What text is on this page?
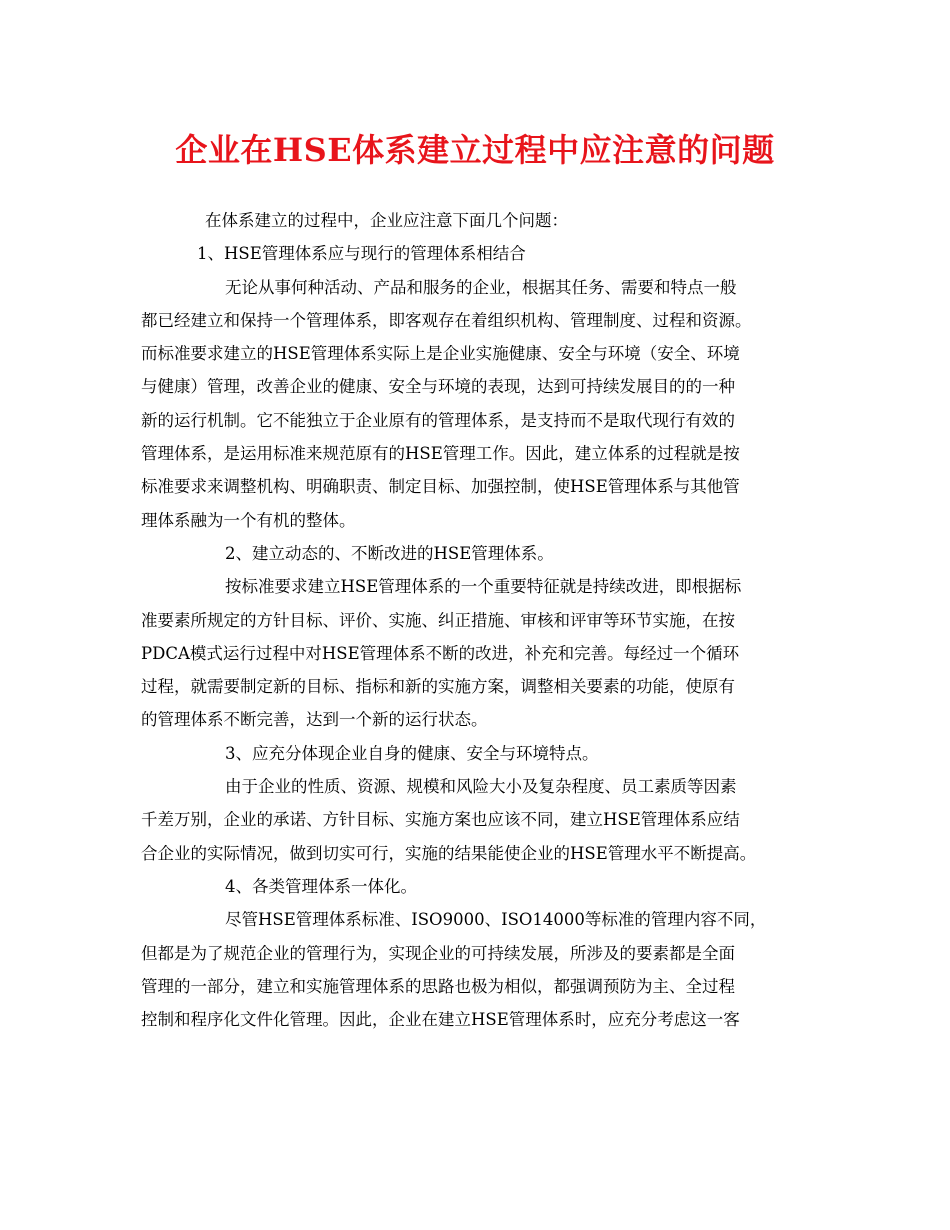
企业在HSE体系建立过程中应注意的问题
在体系建立的过程中，企业应注意下面几个问题：
1、HSE管理体系应与现行的管理体系相结合
无论从事何种活动、产品和服务的企业，根据其任务、需要和特点一般
都已经建立和保持一个管理体系，即客观存在着组织机构、管理制度、过程和资源。
而标准要求建立的HSE管理体系实际上是企业实施健康、安全与环境（安全、环境
与健康）管理，改善企业的健康、安全与环境的表现，达到可持续发展目的的一种
新的运行机制。它不能独立于企业原有的管理体系，是支持而不是取代现行有效的
管理体系，是运用标准来规范原有的HSE管理工作。因此，建立体系的过程就是按
标准要求来调整机构、明确职责、制定目标、加强控制，使HSE管理体系与其他管
理体系融为一个有机的整体。
2、建立动态的、不断改进的HSE管理体系。
按标准要求建立HSE管理体系的一个重要特征就是持续改进，即根据标
准要素所规定的方针目标、评价、实施、纠正措施、审核和评审等环节实施，在按
PDCA模式运行过程中对HSE管理体系不断的改进，补充和完善。每经过一个循环
过程，就需要制定新的目标、指标和新的实施方案，调整相关要素的功能，使原有
的管理体系不断完善，达到一个新的运行状态。
3、应充分体现企业自身的健康、安全与环境特点。
由于企业的性质、资源、规模和风险大小及复杂程度、员工素质等因素
千差万别，企业的承诺、方针目标、实施方案也应该不同，建立HSE管理体系应结
合企业的实际情况，做到切实可行，实施的结果能使企业的HSE管理水平不断提高。
4、各类管理体系一体化。
尽管HSE管理体系标准、ISO9000、ISO14000等标准的管理内容不同，
但都是为了规范企业的管理行为，实现企业的可持续发展，所涉及的要素都是全面
管理的一部分，建立和实施管理体系的思路也极为相似，都强调预防为主、全过程
控制和程序化文件化管理。因此，企业在建立HSE管理体系时，应充分考虑这一客
